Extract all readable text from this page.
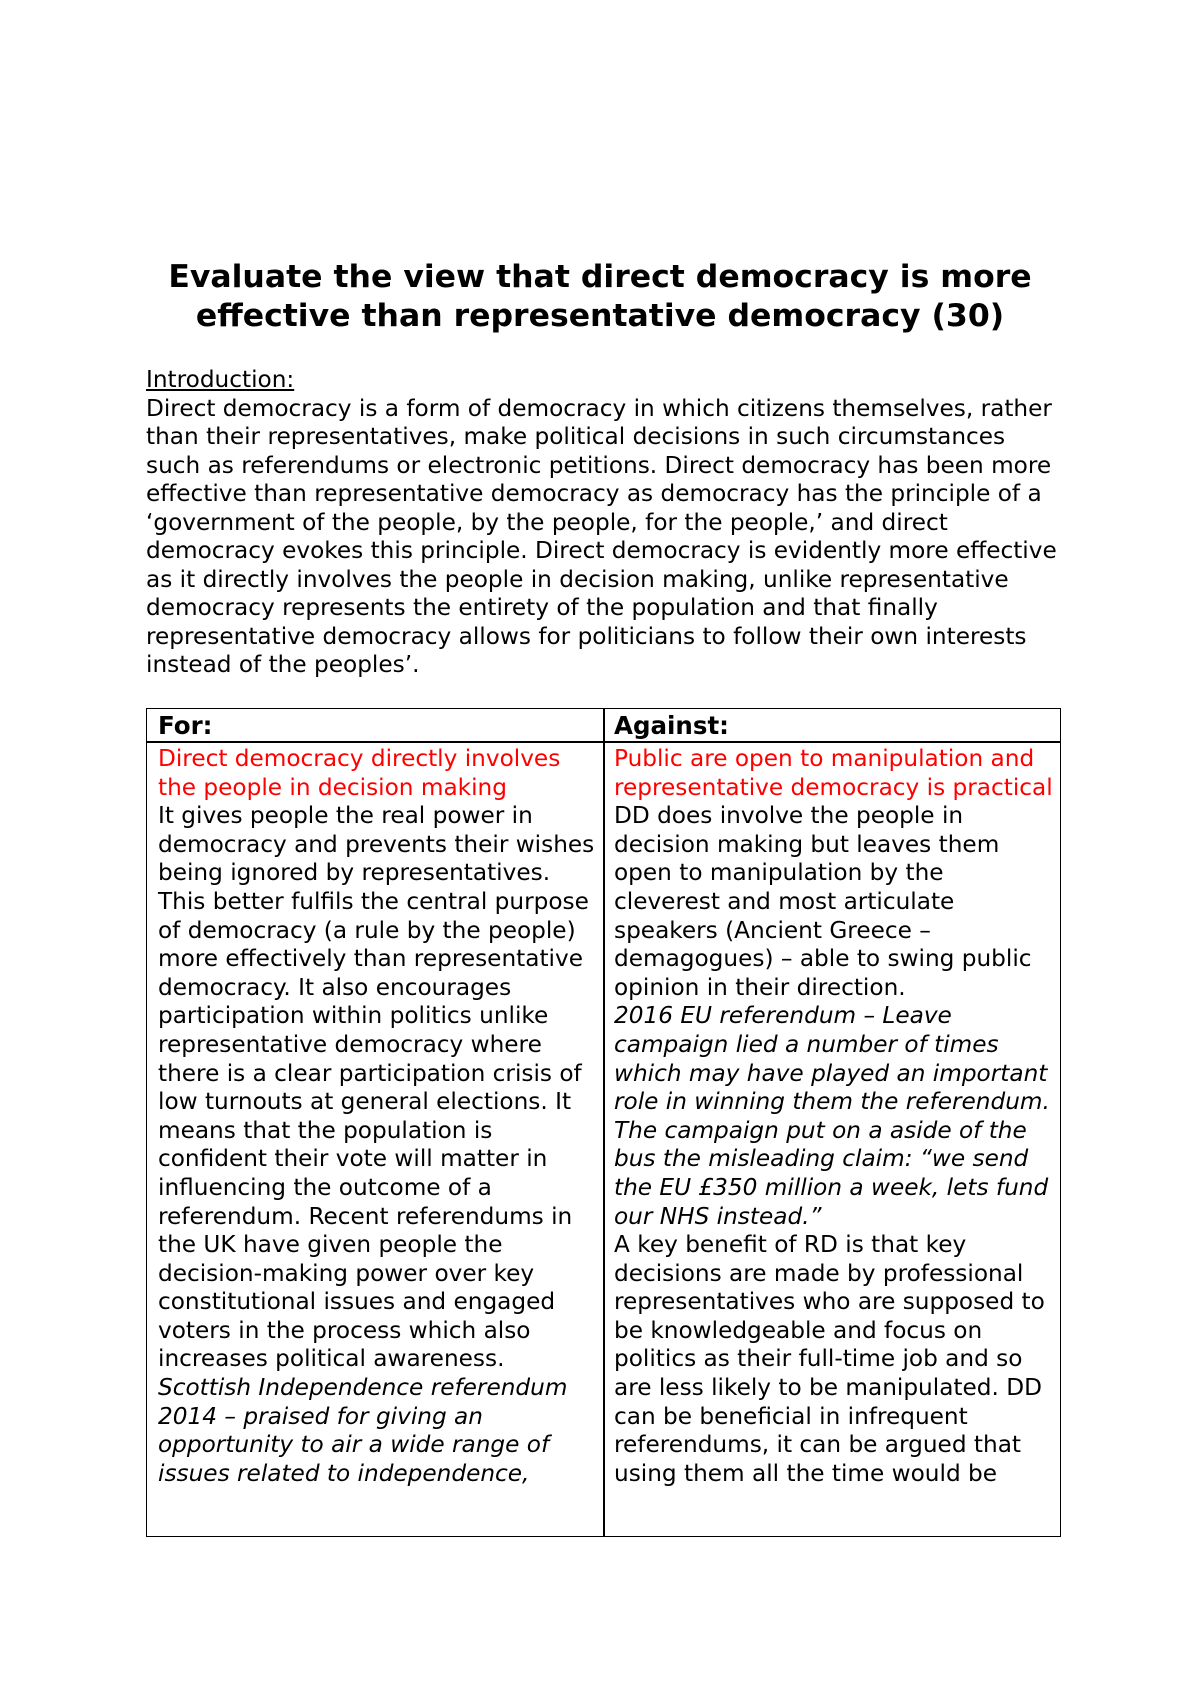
Evaluate the view that direct democracy is more effective than representative democracy (30)
Introduction:
Direct democracy is a form of democracy in which citizens themselves, rather than their representatives, make political decisions in such circumstances such as referendums or electronic petitions. Direct democracy has been more effective than representative democracy as democracy has the principle of a ‘government of the people, by the people, for the people,’ and direct democracy evokes this principle. Direct democracy is evidently more effective as it directly involves the people in decision making, unlike representative democracy represents the entirety of the population and that finally representative democracy allows for politicians to follow their own interests instead of the peoples’.
For:	Against:
Direct democracy directly involves the people in decision making
It gives people the real power in democracy and prevents their wishes being ignored by representatives. This better fulfils the central purpose of democracy (a rule by the people) more effectively than representative democracy. It also encourages participation within politics unlike representative democracy where there is a clear participation crisis of low turnouts at general elections. It means that the population is confident their vote will matter in influencing the outcome of a referendum. Recent referendums in the UK have given people the decision-making power over key constitutional issues and engaged voters in the process which also increases political awareness.
Scottish Independence referendum 2014 – praised for giving an opportunity to air a wide range of issues related to independence,
Public are open to manipulation and representative democracy is practical
DD does involve the people in decision making but leaves them open to manipulation by the cleverest and most articulate speakers (Ancient Greece – demagogues) – able to swing public opinion in their direction.
2016 EU referendum – Leave campaign lied a number of times which may have played an important role in winning them the referendum. The campaign put on a aside of the bus the misleading claim: “we send the EU £350 million a week, lets fund our NHS instead.”
A key benefit of RD is that key decisions are made by professional representatives who are supposed to be knowledgeable and focus on politics as their full-time job and so are less likely to be manipulated. DD can be beneficial in infrequent referendums, it can be argued that using them all the time would be
